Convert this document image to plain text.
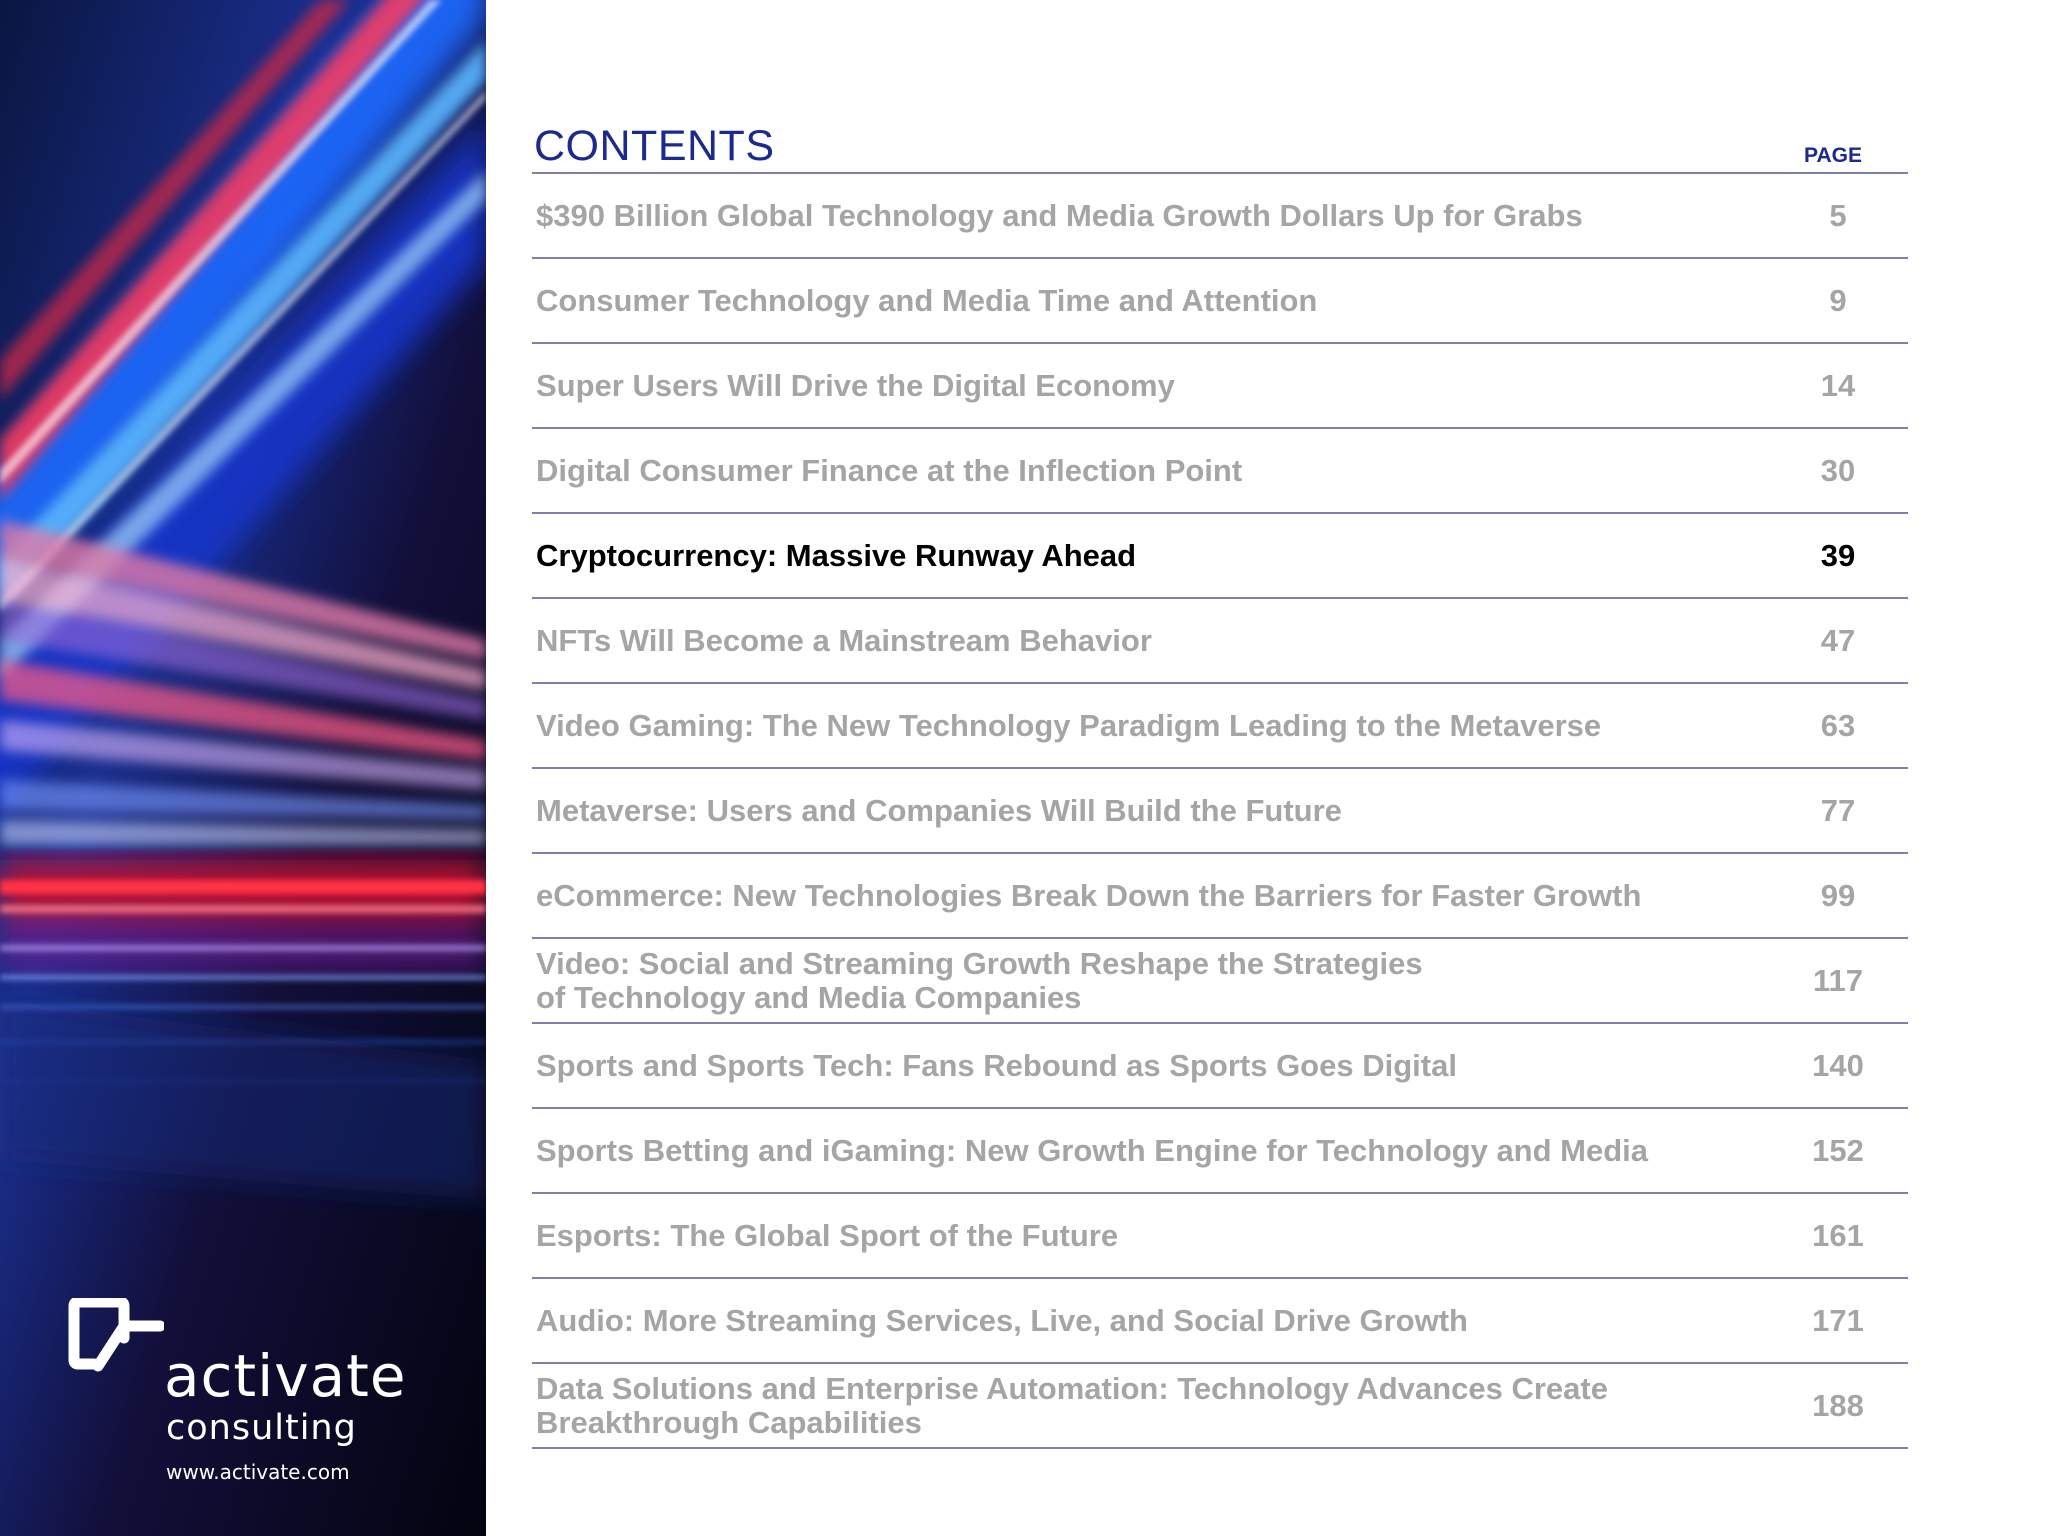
activate
consulting
www.activate.com
CONTENTS	PAGE
$390 Billion Global Technology and Media Growth Dollars Up for Grabs	5
Consumer Technology and Media Time and Attention	9
Super Users Will Drive the Digital Economy	14
Digital Consumer Finance at the Inflection Point	30
Cryptocurrency: Massive Runway Ahead	39
NFTs Will Become a Mainstream Behavior	47
Video Gaming: The New Technology Paradigm Leading to the Metaverse	63
Metaverse: Users and Companies Will Build the Future	77
eCommerce: New Technologies Break Down the Barriers for Faster Growth	99
Video: Social and Streaming Growth Reshape the Strategies
of Technology and Media Companies	117
Sports and Sports Tech: Fans Rebound as Sports Goes Digital	140
Sports Betting and iGaming: New Growth Engine for Technology and Media	152
Esports: The Global Sport of the Future	161
Audio: More Streaming Services, Live, and Social Drive Growth	171
Data Solutions and Enterprise Automation: Technology Advances Create
Breakthrough Capabilities	188
